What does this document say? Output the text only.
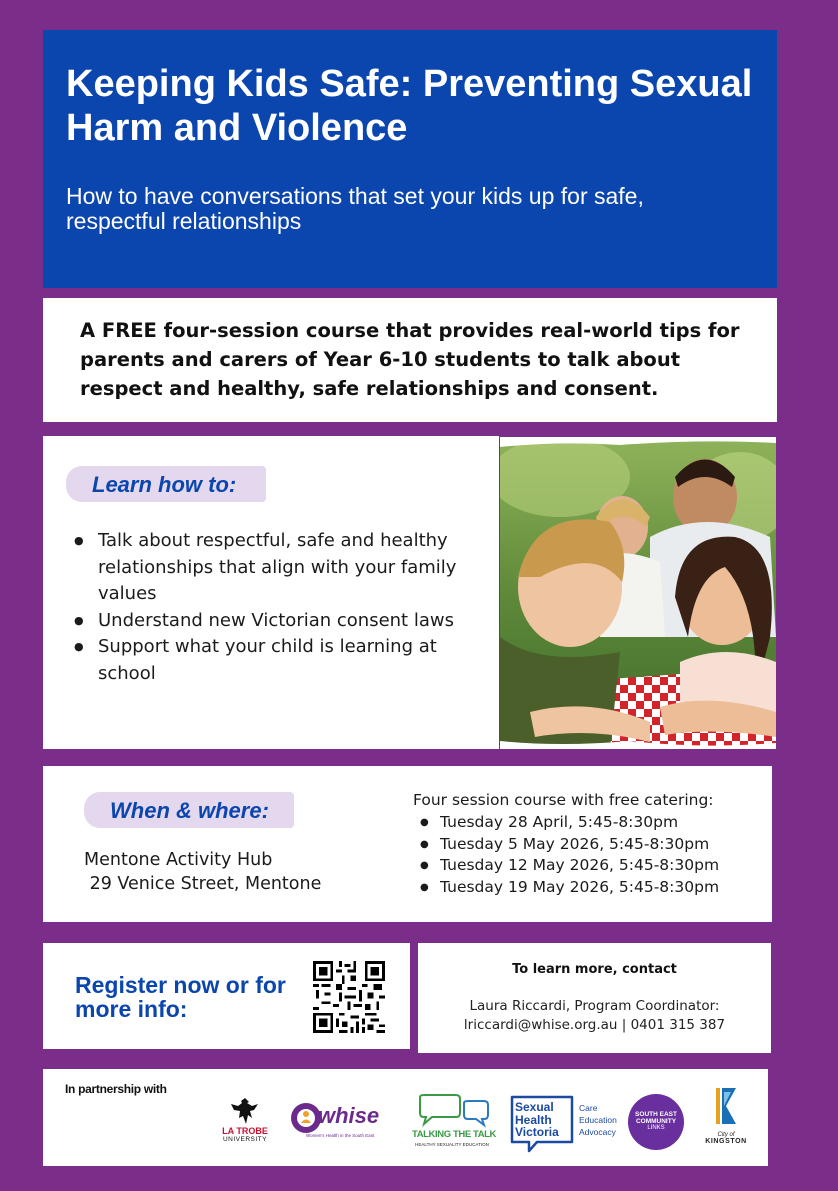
Keeping Kids Safe: Preventing Sexual Harm and Violence
How to have conversations that set your kids up for safe, respectful relationships
A FREE four-session course that provides real-world tips for parents and carers of Year 6-10 students to talk about respect and healthy, safe relationships and consent.
Learn how to:
● Talk about respectful, safe and healthy relationships that align with your family values
● Understand new Victorian consent laws
● Support what your child is learning at school
When & where:
Mentone Activity Hub
29 Venice Street, Mentone
Four session course with free catering:
● Tuesday 28 April, 5:45-8:30pm
● Tuesday 5 May 2026, 5:45-8:30pm
● Tuesday 12 May 2026, 5:45-8:30pm
● Tuesday 19 May 2026, 5:45-8:30pm
Register now or for more info:
To learn more, contact
Laura Riccardi, Program Coordinator:
lriccardi@whise.org.au | 0401 315 387
In partnership with
LA TROBE
UNIVERSITY
whise
Women's Health in the South East	TALKING THE TALK
HEALTHY SEXUALITY EDUCATION
Sexual
Health
Victoria
Care
Education
Advocacy
SOUTH EAST
COMMUNITY
LINKS
City of
KINGSTON
